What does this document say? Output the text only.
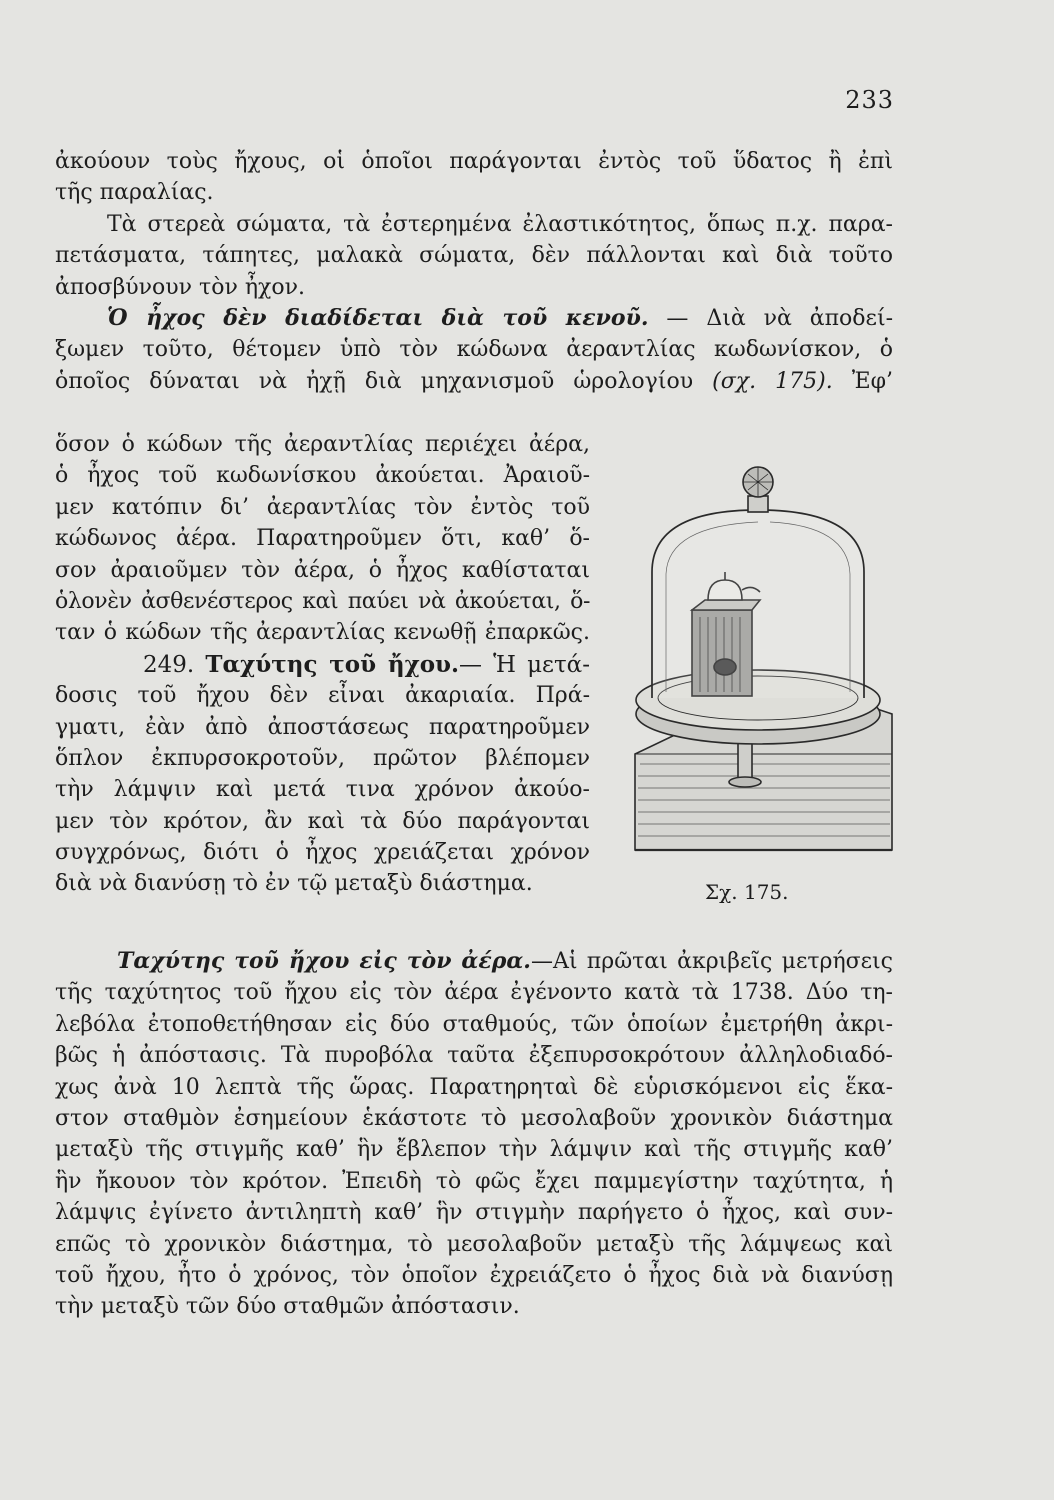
233
ἀκούουν τοὺς ἤχους, οἱ ὁποῖοι παράγονται ἐντὸς τοῦ ὕδατος ἢ ἐπὶ
τῆς παραλίας.
Τὰ στερεὰ σώματα, τὰ ἐστερημένα ἐλαστικότητος, ὅπως π.χ. παρα-
πετάσματα, τάπητες, μαλακὰ σώματα, δὲν πάλλονται καὶ διὰ τοῦτο
ἀποσβύνουν τὸν ἦχον.
Ὁ ἦχος δὲν διαδίδεται διὰ τοῦ κενοῦ. — Διὰ νὰ ἀποδεί-
ξωμεν τοῦτο, θέτομεν ὑπὸ τὸν κώδωνα ἀεραντλίας κωδωνίσκον, ὁ
ὁποῖος δύναται νὰ ἠχῇ διὰ μηχανισμοῦ ὡρολογίου (σχ. 175). Ἐφ’
ὅσον ὁ κώδων τῆς ἀεραντλίας περιέχει ἀέρα,
ὁ ἦχος τοῦ κωδωνίσκου ἀκούεται. Ἀραιοῦ-
μεν κατόπιν δι’ ἀεραντλίας τὸν ἐντὸς τοῦ
κώδωνος ἀέρα. Παρατηροῦμεν ὅτι, καθ’ ὅ-
σον ἀραιοῦμεν τὸν ἀέρα, ὁ ἦχος καθίσταται
ὁλονὲν ἀσθενέστερος καὶ παύει νὰ ἀκούεται, ὅ-
ταν ὁ κώδων τῆς ἀεραντλίας κενωθῇ ἐπαρκῶς.
249. Ταχύτης τοῦ ἤχου.— Ἡ μετά-
δοσις τοῦ ἤχου δὲν εἶναι ἀκαριαία. Πρά-
γματι, ἐὰν ἀπὸ ἀποστάσεως παρατηροῦμεν
ὅπλον ἐκπυρσοκροτοῦν, πρῶτον βλέπομεν
τὴν λάμψιν καὶ μετά τινα χρόνον ἀκούο-
μεν τὸν κρότον, ἂν καὶ τὰ δύο παράγονται
συγχρόνως, διότι ὁ ἦχος χρειάζεται χρόνον
διὰ νὰ διανύσῃ τὸ ἐν τῷ μεταξὺ διάστημα.
Ταχύτης τοῦ ἤχου εἰς τὸν ἀέρα.—Αἱ πρῶται ἀκριβεῖς μετρήσεις
τῆς ταχύτητος τοῦ ἤχου εἰς τὸν ἀέρα ἐγένοντο κατὰ τὰ 1738. Δύο τη-
λεβόλα ἐτοποθετήθησαν εἰς δύο σταθμούς, τῶν ὁποίων ἐμετρήθη ἀκρι-
βῶς ἡ ἀπόστασις. Τὰ πυροβόλα ταῦτα ἐξεπυρσοκρότουν ἀλληλοδιαδό-
χως ἀνὰ 10 λεπτὰ τῆς ὥρας. Παρατηρηταὶ δὲ εὑρισκόμενοι εἰς ἕκα-
στον σταθμὸν ἐσημείουν ἑκάστοτε τὸ μεσολαβοῦν χρονικὸν διάστημα
μεταξὺ τῆς στιγμῆς καθ’ ἣν ἔβλεπον τὴν λάμψιν καὶ τῆς στιγμῆς καθ’
ἣν ἤκουον τὸν κρότον. Ἐπειδὴ τὸ φῶς ἔχει παμμεγίστην ταχύτητα, ἡ
λάμψις ἐγίνετο ἀντιληπτὴ καθ’ ἣν στιγμὴν παρήγετο ὁ ἦχος, καὶ συν-
επῶς τὸ χρονικὸν διάστημα, τὸ μεσολαβοῦν μεταξὺ τῆς λάμψεως καὶ
τοῦ ἤχου, ἦτο ὁ χρόνος, τὸν ὁποῖον ἐχρειάζετο ὁ ἦχος διὰ νὰ διανύσῃ
τὴν μεταξὺ τῶν δύο σταθμῶν ἀπόστασιν.
Σχ. 175.
